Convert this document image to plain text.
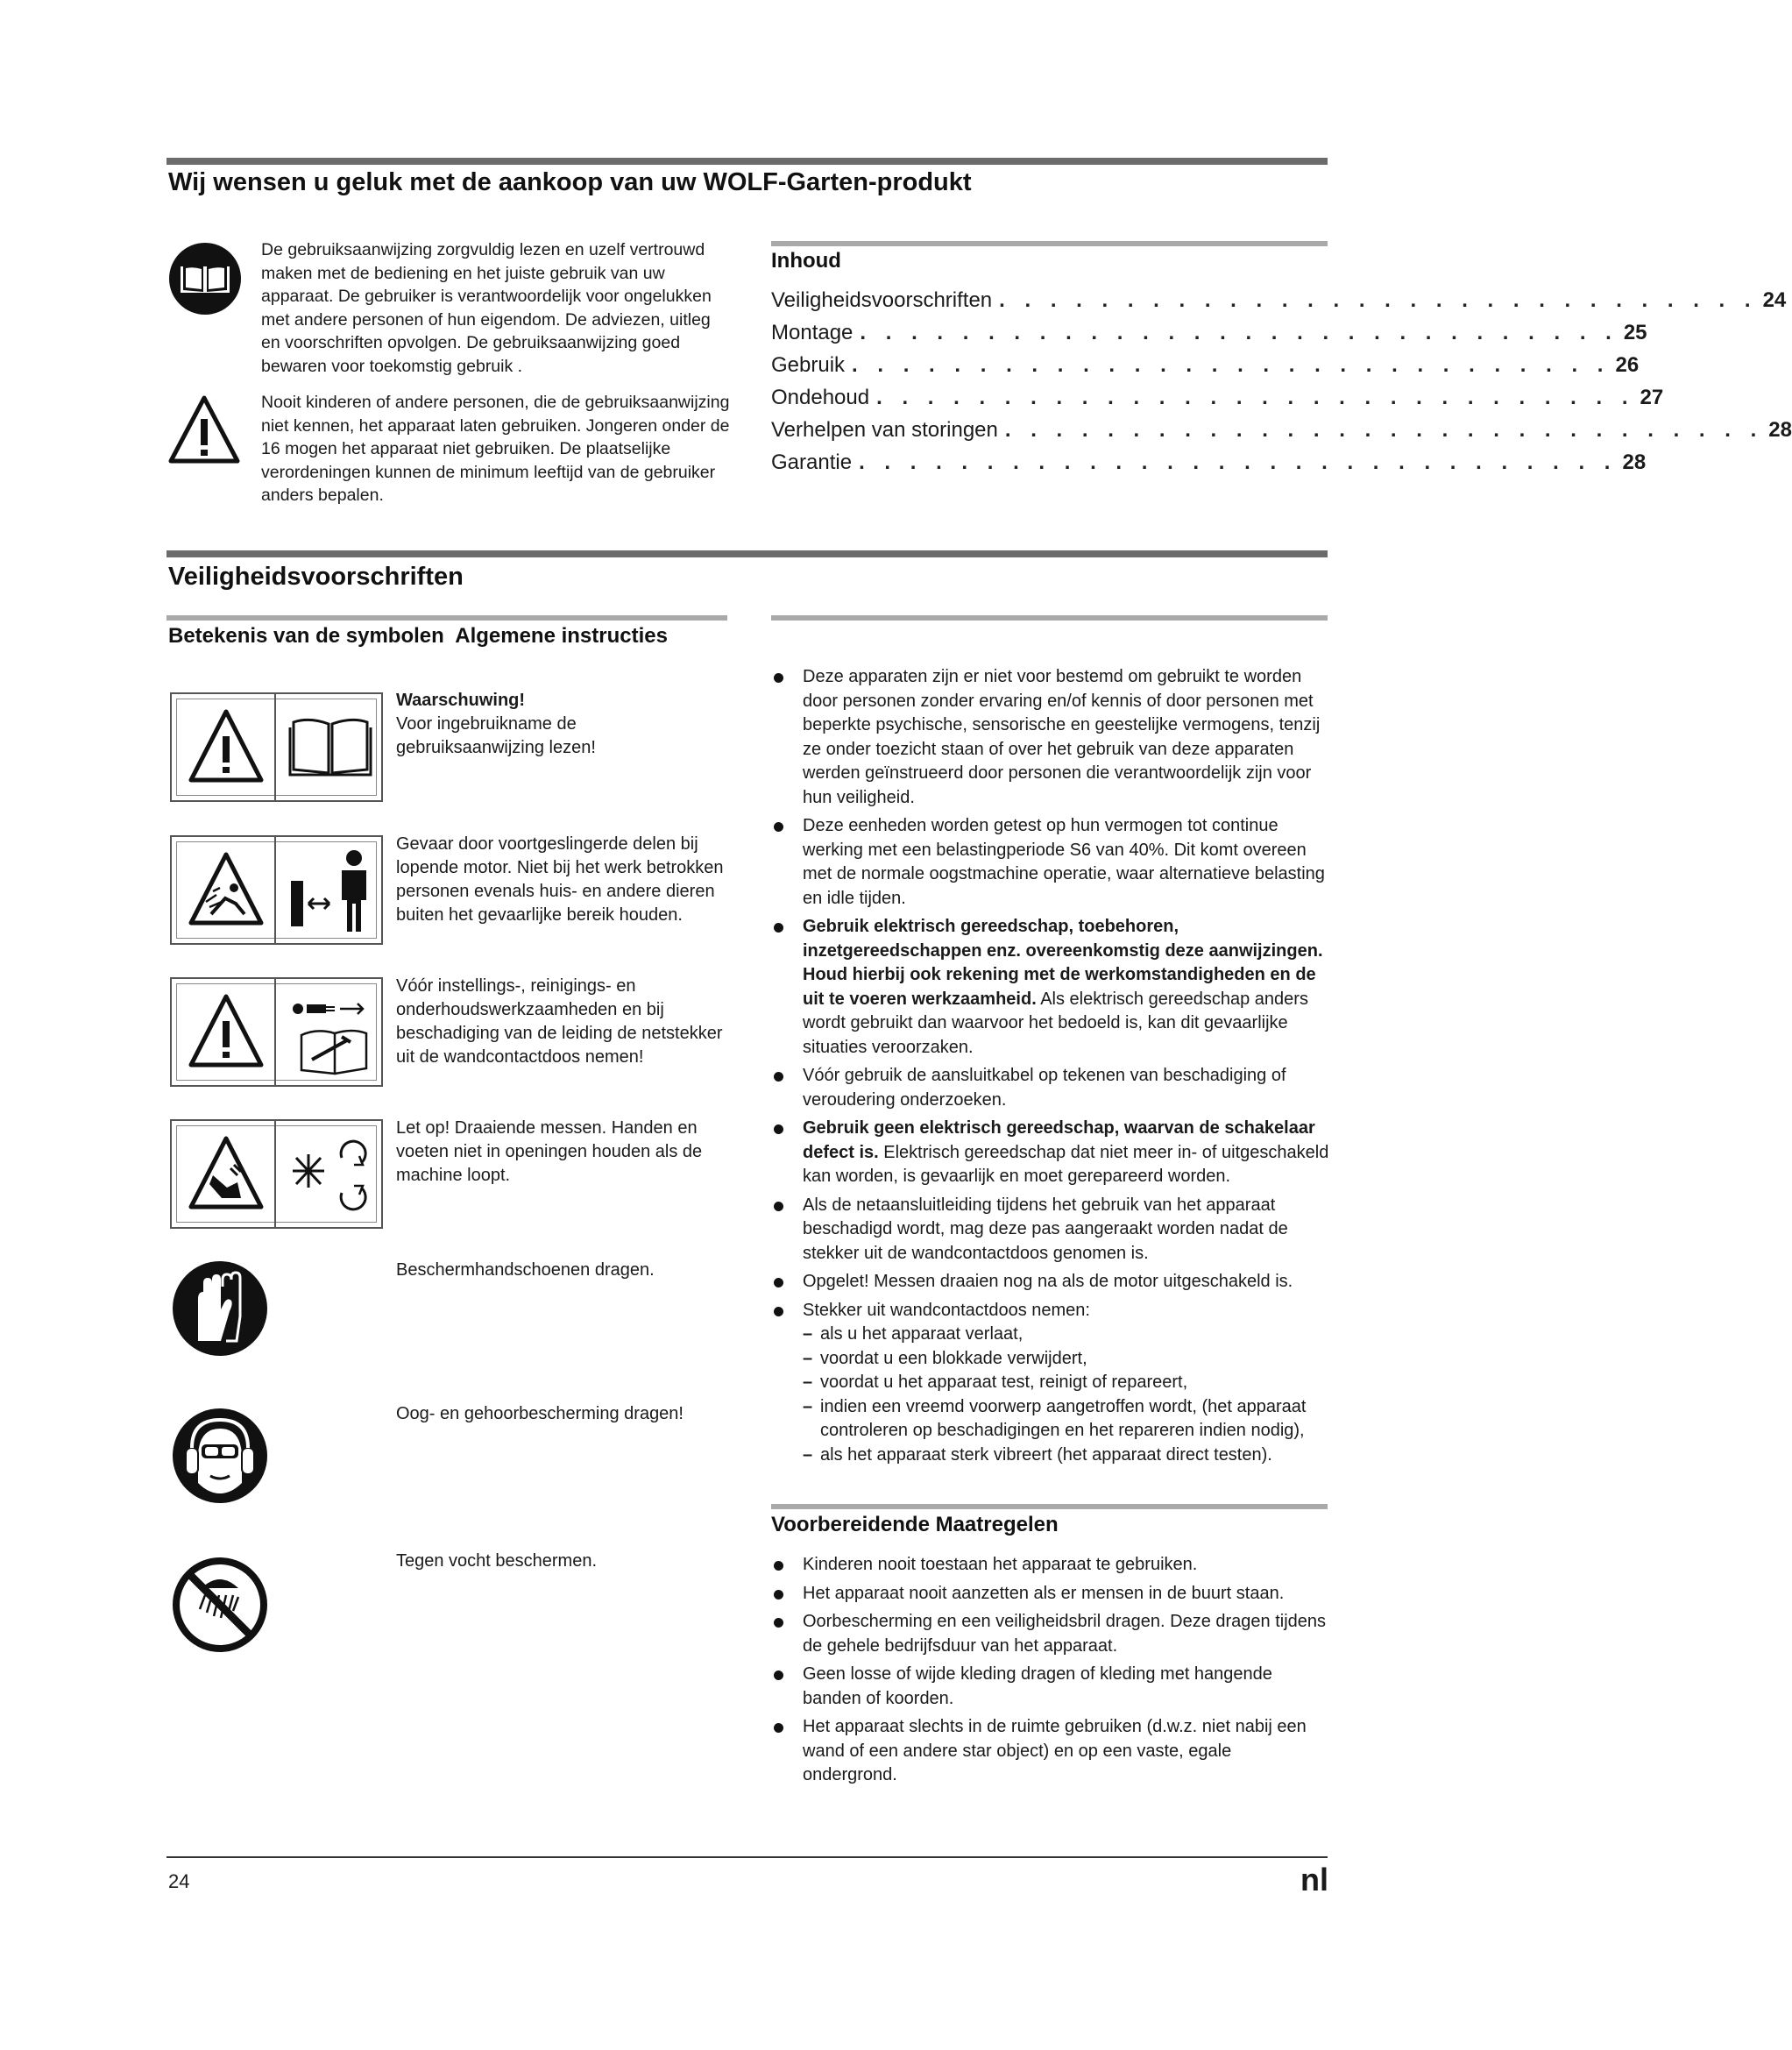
Wij wensen u geluk met de aankoop van uw WOLF-Garten-produkt
De gebruiksaanwijzing zorgvuldig lezen en uzelf vertrouwd maken met de bediening en het juiste gebruik van uw apparaat. De gebruiker is verantwoordelijk voor ongelukken met andere personen of hun eigendom. De adviezen, uitleg en voorschriften opvolgen. De gebruiksaanwijzing goed bewaren voor toekomstig gebruik .
Nooit kinderen of andere personen, die de gebruiksaanwijzing niet kennen, het apparaat laten gebruiken. Jongeren onder de 16 mogen het apparaat niet gebruiken. De plaatselijke verordeningen kunnen de minimum leeftijd van de gebruiker anders bepalen.
Inhoud
Veiligheidsvoorschriften . . . . . . . . . . . . . . . . . . . . . . . . . . . . . . 24
Montage . . . . . . . . . . . . . . . . . . . . . . . . . . . . . . 25
Gebruik . . . . . . . . . . . . . . . . . . . . . . . . . . . . . . 26
Ondehoud . . . . . . . . . . . . . . . . . . . . . . . . . . . . . . 27
Verhelpen van storingen . . . . . . . . . . . . . . . . . . . . . . . . . . . . . . 28
Garantie . . . . . . . . . . . . . . . . . . . . . . . . . . . . . . 28
Veiligheidsvoorschriften
Betekenis van de symbolen  Algemene instructies
Waarschuwing!
Voor ingebruikname de gebruiksaanwijzing lezen!
Gevaar door voortgeslingerde delen bij lopende motor. Niet bij het werk betrokken personen evenals huis- en andere dieren buiten het gevaarlijke bereik houden.
Vóór instellings-, reinigings- en onderhoudswerkzaamheden en bij beschadiging van de leiding de netstekker uit de wandcontactdoos nemen!
Let op! Draaiende messen. Handen en voeten niet in openingen houden als de machine loopt.
Beschermhandschoenen dragen.
Oog- en gehoorbescherming dragen!
Tegen vocht beschermen.
Deze apparaten zijn er niet voor bestemd om gebruikt te worden door personen zonder ervaring en/of kennis of door personen met beperkte psychische, sensorische en geestelijke vermogens, tenzij ze onder toezicht staan of over het gebruik van deze apparaten werden geïnstrueerd door personen die verantwoordelijk zijn voor hun veiligheid.
Deze eenheden worden getest op hun vermogen tot continue werking met een belastingperiode S6 van 40%. Dit komt overeen met de normale oogstmachine operatie, waar alternatieve belasting en idle tijden.
Gebruik elektrisch gereedschap, toebehoren, inzetgereedschappen enz. overeenkomstig deze aanwijzingen. Houd hierbij ook rekening met de werkomstandigheden en de uit te voeren werkzaamheid. Als elektrisch gereedschap anders wordt gebruikt dan waarvoor het bedoeld is, kan dit gevaarlijke situaties veroorzaken.
Vóór gebruik de aansluitkabel op tekenen van beschadiging of veroudering onderzoeken.
Gebruik geen elektrisch gereedschap, waarvan de schakelaar defect is. Elektrisch gereedschap dat niet meer in- of uitgeschakeld kan worden, is gevaarlijk en moet gerepareerd worden.
Als de netaansluitleiding tijdens het gebruik van het apparaat beschadigd wordt, mag deze pas aangeraakt worden nadat de stekker uit de wandcontactdoos genomen is.
Opgelet! Messen draaien nog na als de motor uitgeschakeld is.
Stekker uit wandcontactdoos nemen:
– als u het apparaat verlaat,
– voordat u een blokkade verwijdert,
– voordat u het apparaat test, reinigt of repareert,
– indien een vreemd voorwerp aangetroffen wordt, (het apparaat controleren op beschadigingen en het repareren indien nodig),
– als het apparaat sterk vibreert (het apparaat direct testen).
Voorbereidende Maatregelen
Kinderen nooit toestaan het apparaat te gebruiken.
Het apparaat nooit aanzetten als er mensen in de buurt staan.
Oorbescherming en een veiligheidsbril dragen. Deze dragen tijdens de gehele bedrijfsduur van het apparaat.
Geen losse of wijde kleding dragen of kleding met hangende banden of koorden.
Het apparaat slechts in de ruimte gebruiken (d.w.z. niet nabij een wand of een andere star object) en op een vaste, egale ondergrond.
24	nl
